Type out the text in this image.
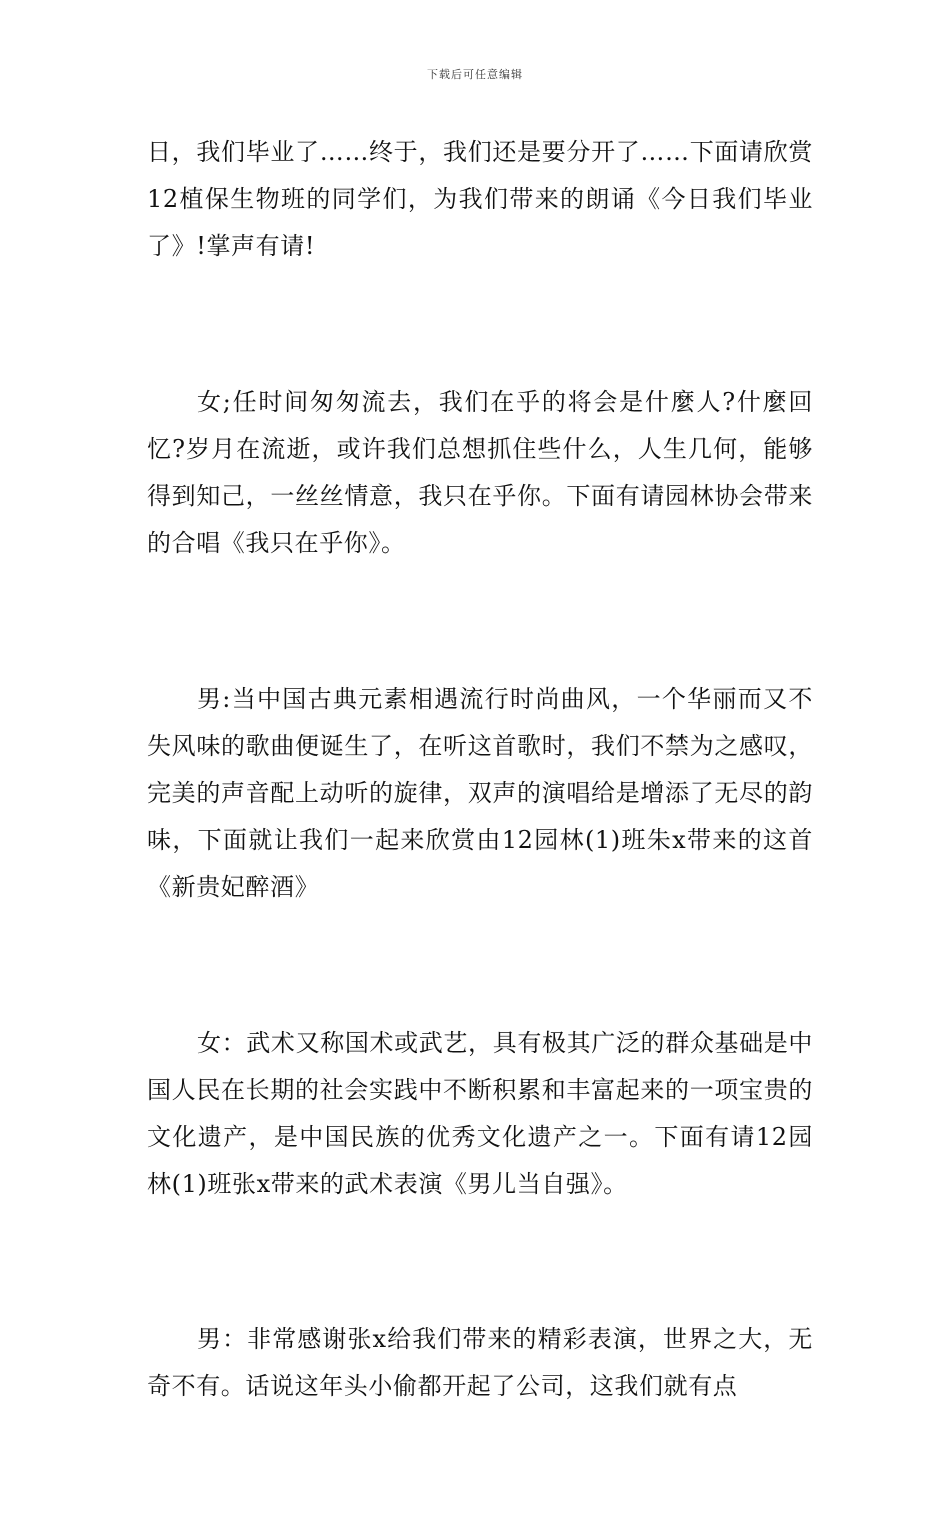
下载后可任意编辑

日，我们毕业了……终于，我们还是要分开了……下面请欣赏12植保生物班的同学们，为我们带来的朗诵《今日我们毕业了》!掌声有请!

女;任时间匆匆流去，我们在乎的将会是什麼人?什麼回忆?岁月在流逝，或许我们总想抓住些什么，人生几何，能够得到知己，一丝丝情意，我只在乎你。下面有请园林协会带来的合唱《我只在乎你》。

男:当中国古典元素相遇流行时尚曲风，一个华丽而又不失风味的歌曲便诞生了，在听这首歌时，我们不禁为之感叹，完美的声音配上动听的旋律，双声的演唱给是增添了无尽的韵味，下面就让我们一起来欣赏由12园林(1)班朱x带来的这首《新贵妃醉酒》

女：武术又称国术或武艺，具有极其广泛的群众基础是中国人民在长期的社会实践中不断积累和丰富起来的一项宝贵的文化遗产，是中国民族的优秀文化遗产之一。下面有请12园林(1)班张x带来的武术表演《男儿当自强》。

男：非常感谢张x给我们带来的精彩表演，世界之大，无奇不有。话说这年头小偷都开起了公司，这我们就有点
